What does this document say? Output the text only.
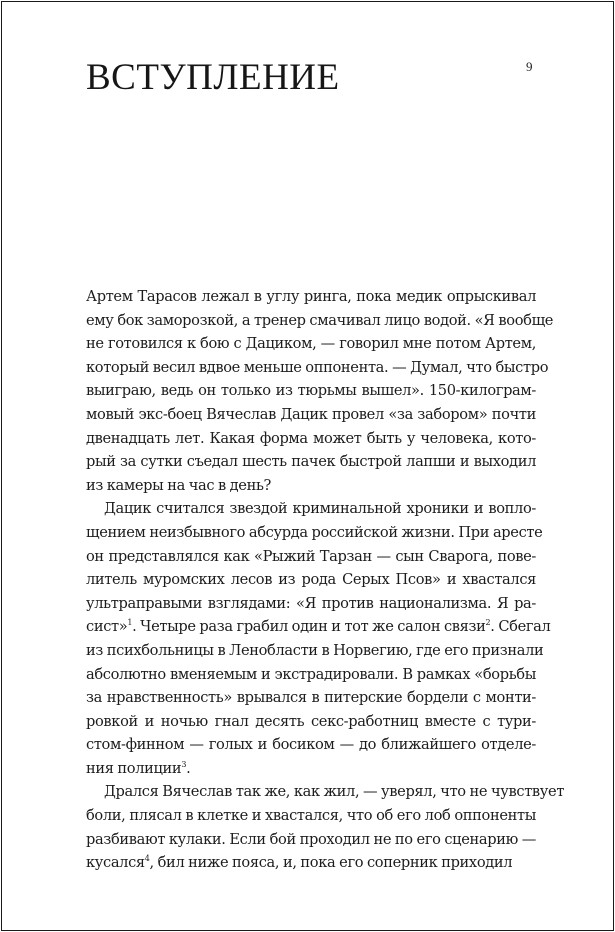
ВСТУПЛЕНИЕ	9
Артем Тарасов лежал в углу ринга, пока медик опрыскивал
ему бок заморозкой, а тренер смачивал лицо водой. «Я вообще
не готовился к бою с Дациком, — говорил мне потом Артем,
который весил вдвое меньше оппонента. — Думал, что быстро
выиграю, ведь он только из тюрьмы вышел». 150-килограм-
мовый экс-боец Вячеслав Дацик провел «за забором» почти
двенадцать лет. Какая форма может быть у человека, кото-
рый за сутки съедал шесть пачек быстрой лапши и выходил
из камеры на час в день?
Дацик считался звездой криминальной хроники и вопло-
щением неизбывного абсурда российской жизни. При аресте
он представлялся как «Рыжий Тарзан — сын Сварога, пове-
литель муромских лесов из рода Серых Псов» и хвастался
ультраправыми взглядами: «Я против национализма. Я ра-
сист»$^1$. Четыре раза грабил один и тот же салон связи$^2$. Сбегал
из психбольницы в Ленобласти в Норвегию, где его признали
абсолютно вменяемым и экстрадировали. В рамках «борьбы
за нравственность» врывался в питерские бордели с монти-
ровкой и ночью гнал десять секс-работниц вместе с тури-
стом-финном — голых и босиком — до ближайшего отделе-
ния полиции$^3$.
Дрался Вячеслав так же, как жил, — уверял, что не чувствует
боли, плясал в клетке и хвастался, что об его лоб оппоненты
разбивают кулаки. Если бой проходил не по его сценарию —
кусался$^4$, бил ниже пояса, и, пока его соперник приходил
